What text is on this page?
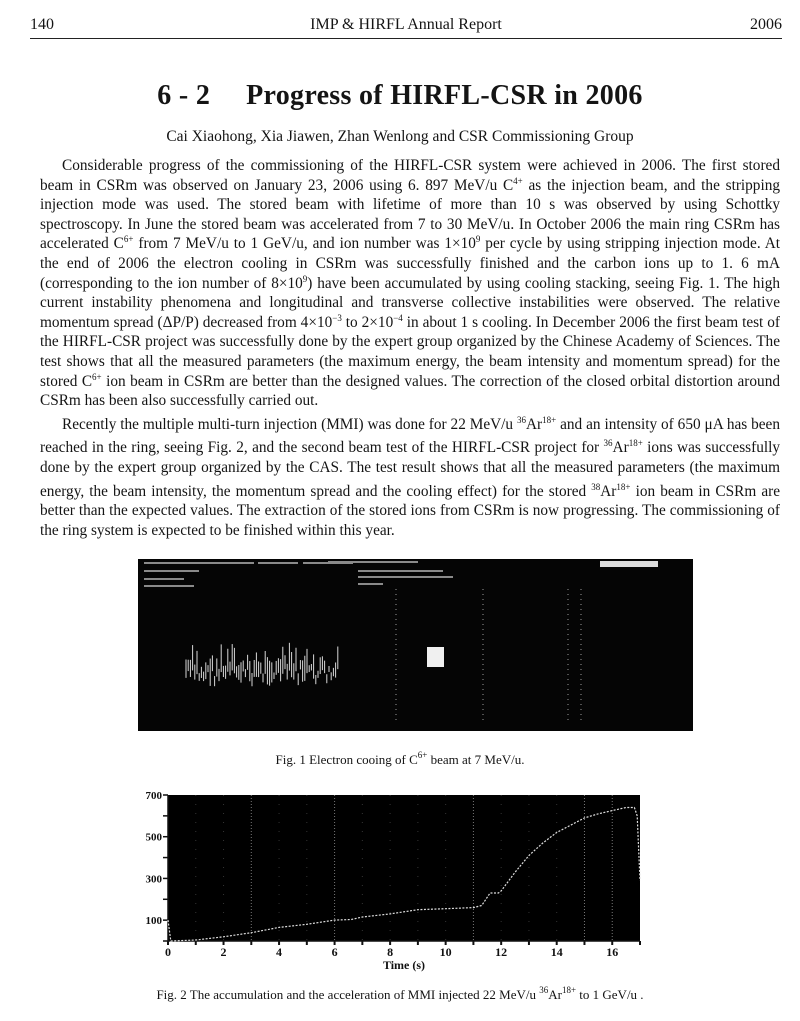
140	IMP & HIRFL Annual Report	2006
6 - 2 Progress of HIRFL-CSR in 2006
Cai Xiaohong, Xia Jiawen, Zhan Wenlong and CSR Commissioning Group

Considerable progress of the commissioning of the HIRFL-CSR system were achieved in 2006. The first stored beam in CSRm was observed on January 23, 2006 using 6. 897 MeV/u $C^{4+}$ as the injection beam, and the stripping injection mode was used. The stored beam with lifetime of more than 10 s was observed by using Schottky spectroscopy. In June the stored beam was accelerated from 7 to 30 MeV/u. In October 2006 the main ring CSRm has accelerated $C^{6+}$ from 7 MeV/u to 1 GeV/u, and ion number was $1\times 10^9$ per cycle by using stripping injection mode. At the end of 2006 the electron cooling in CSRm was successfully finished and the carbon ions up to 1. 6 mA (corresponding to the ion number of $8\times 10^9$) have been accumulated by using cooling stacking, seeing Fig. 1. The high current instability phenomena and longitudinal and transverse collective instabilities were observed. The relative momentum spread (ΔP/P) decreased from $4\times 10^{-3}$ to $2\times 10^{-4}$ in about 1 s cooling. In December 2006 the first beam test of the HIRFL-CSR project was successfully done by the expert group organized by the Chinese Academy of Sciences. The test shows that all the measured parameters (the maximum energy, the beam intensity and momentum spread) for the stored $C^{6+}$ ion beam in CSRm are better than the designed values. The correction of the closed orbital distortion around CSRm has been also successfully carried out.

Recently the multiple multi-turn injection (MMI) was done for 22 MeV/u $^{36}Ar^{18+}$ and an intensity of 650 μA has been reached in the ring, seeing Fig. 2, and the second beam test of the HIRFL-CSR project for $^{36}Ar^{18+}$ ions was successfully done by the expert group organized by the CAS. The test result shows that all the measured parameters (the maximum energy, the beam intensity, the momentum spread and the cooling effect) for the stored $^{38}Ar^{18+}$ ion beam in CSRm are better than the expected values. The extraction of the stored ions from CSRm is now progressing. The commissioning of the ring system is expected to be finished within this year.

Fig. 1 Electron cooing of $C^{6+}$ beam at 7 MeV/u.
100
300
500
700
0	2	4	6	8	10	12	14	16
Time (s)
Fig. 2 The accumulation and the acceleration of MMI injected 22 MeV/u $^{36}Ar^{18+}$ to 1 GeV/u .
